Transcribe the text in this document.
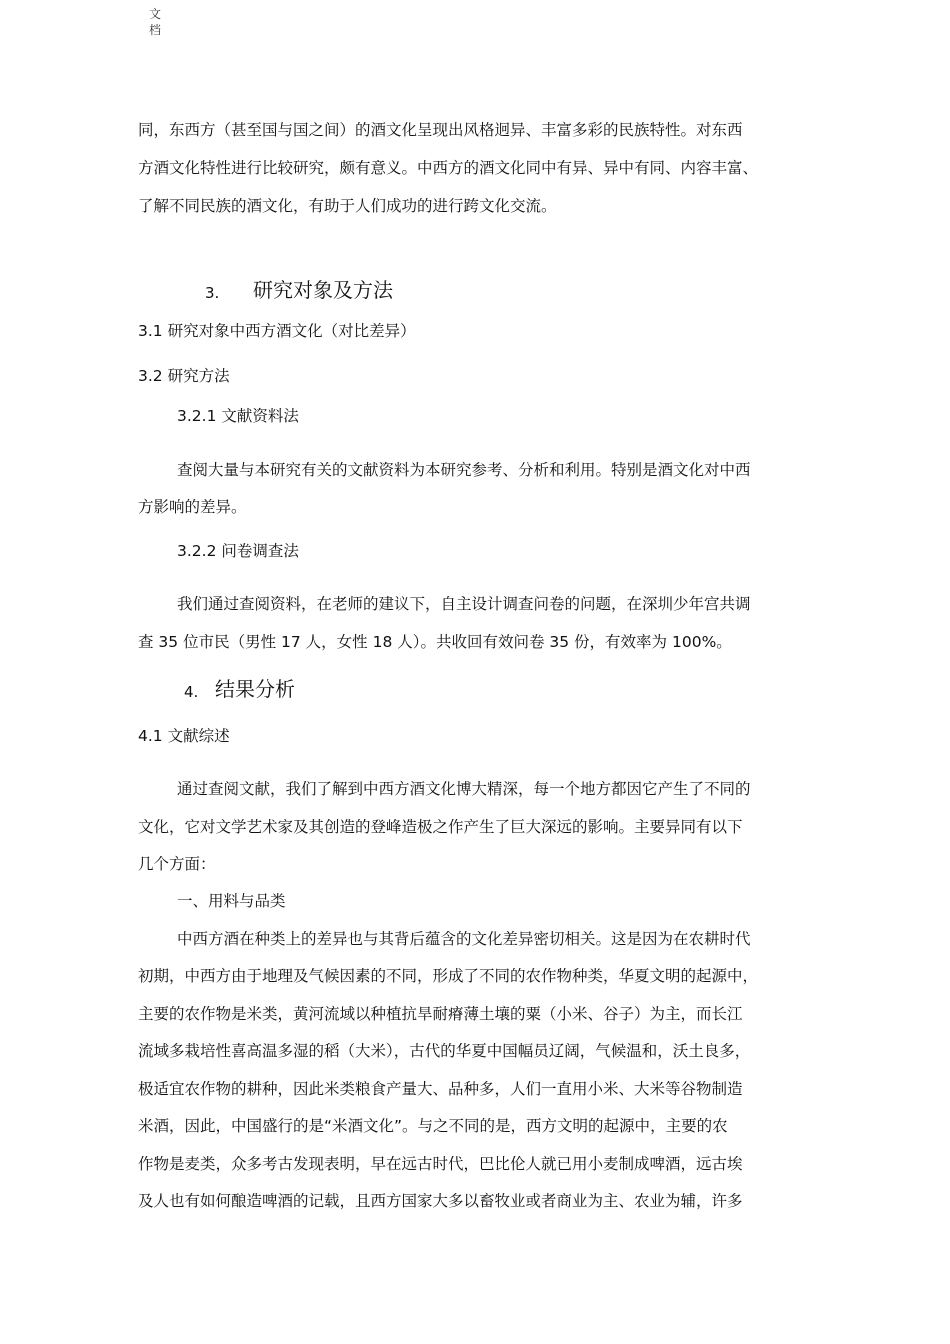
文
档
同，东西方（甚至国与国之间）的酒文化呈现出风格迥异、丰富多彩的民族特性。对东西
方酒文化特性进行比较研究，颇有意义。中西方的酒文化同中有异、异中有同、内容丰富、
了解不同民族的酒文化，有助于人们成功的进行跨文化交流。
3. 研究对象及方法
3.1 研究对象中西方酒文化（对比差异）
3.2 研究方法
3.2.1 文献资料法
查阅大量与本研究有关的文献资料为本研究参考、分析和利用。特别是酒文化对中西
方影响的差异。
3.2.2 问卷调查法
我们通过查阅资料，在老师的建议下，自主设计调查问卷的问题，在深圳少年宫共调
查 35 位市民（男性 17 人，女性 18 人）。共收回有效问卷 35 份，有效率为 100%。
4. 结果分析
4.1 文献综述
通过查阅文献，我们了解到中西方酒文化博大精深，每一个地方都因它产生了不同的
文化，它对文学艺术家及其创造的登峰造极之作产生了巨大深远的影响。主要异同有以下
几个方面：
一、用料与品类
中西方酒在种类上的差异也与其背后蕴含的文化差异密切相关。这是因为在农耕时代
初期，中西方由于地理及气候因素的不同，形成了不同的农作物种类，华夏文明的起源中，
主要的农作物是米类，黄河流域以种植抗旱耐瘠薄土壤的粟（小米、谷子）为主，而长江
流域多栽培性喜高温多湿的稻（大米），古代的华夏中国幅员辽阔，气候温和，沃土良多，
极适宜农作物的耕种，因此米类粮食产量大、品种多，人们一直用小米、大米等谷物制造
米酒，因此，中国盛行的是“米酒文化”。与之不同的是，西方文明的起源中，主要的农
作物是麦类，众多考古发现表明，早在远古时代，巴比伦人就已用小麦制成啤酒，远古埃
及人也有如何酿造啤酒的记载，且西方国家大多以畜牧业或者商业为主、农业为辅，许多
